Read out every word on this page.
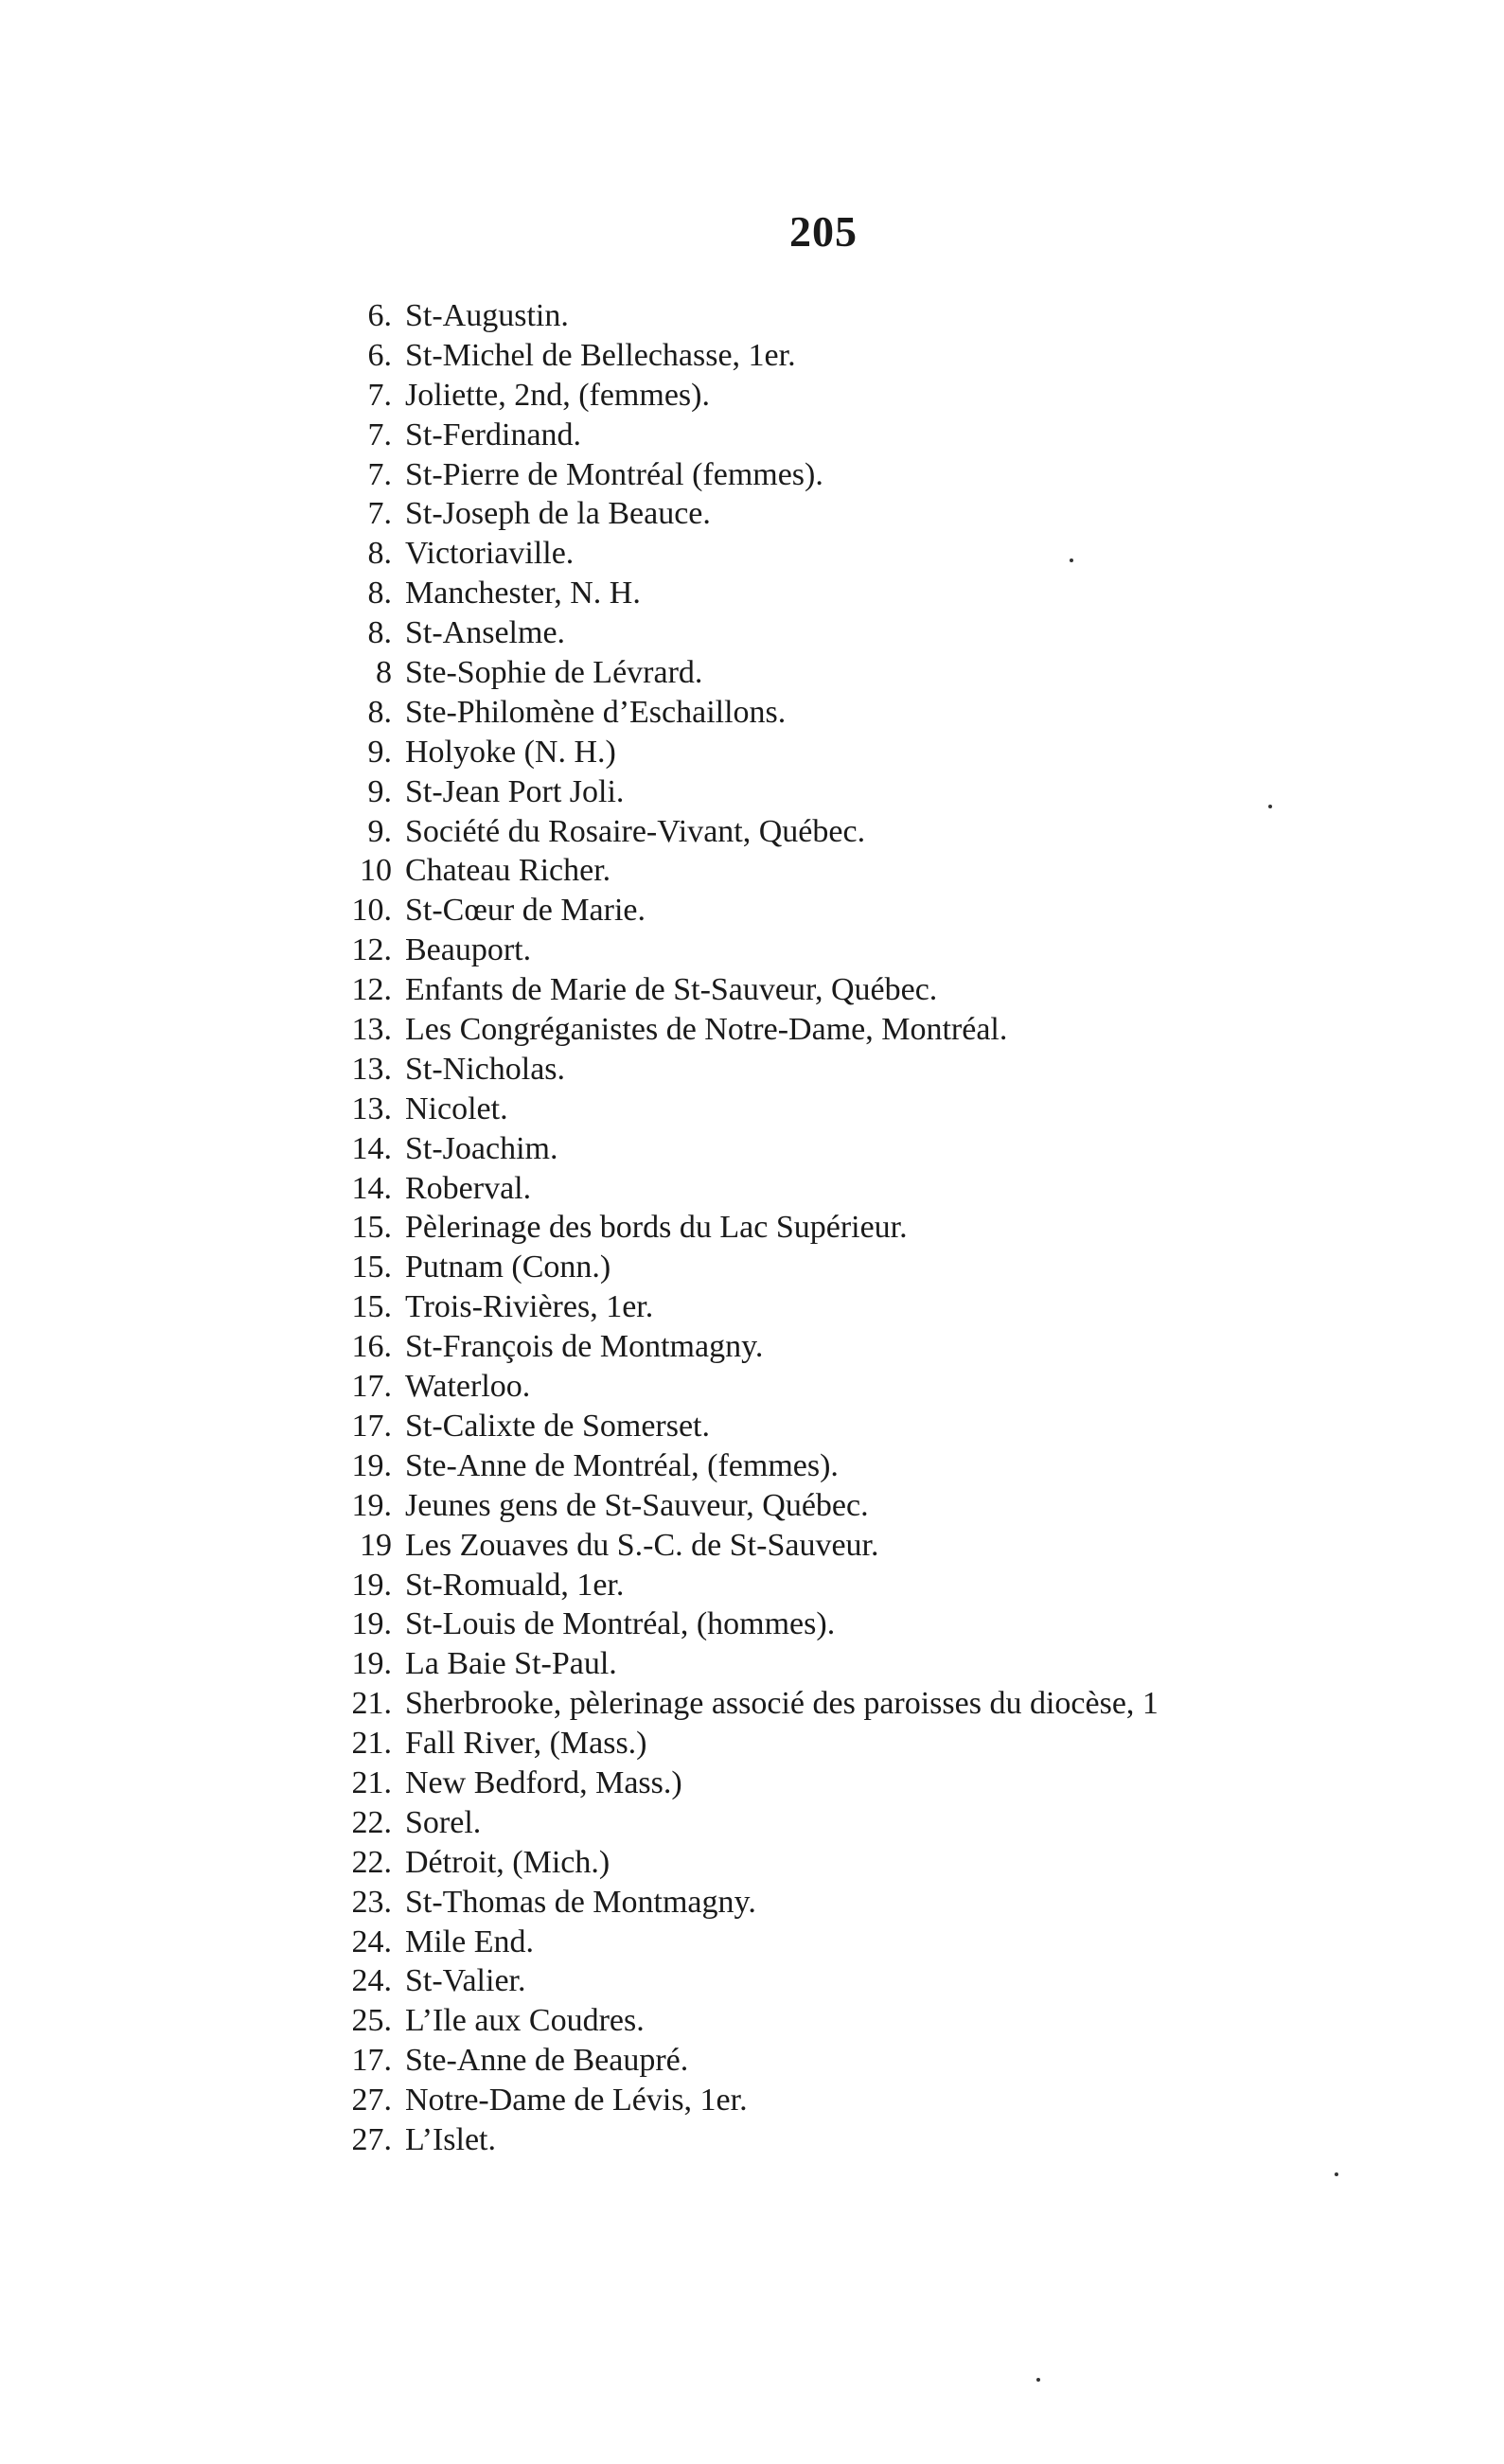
205
6. St-Augustin.
6. St-Michel de Bellechasse, 1er.
7. Joliette, 2nd, (femmes).
7. St-Ferdinand.
7. St-Pierre de Montréal (femmes).
7. St-Joseph de la Beauce.
8. Victoriaville.
8. Manchester, N. H.
8. St-Anselme.
8 Ste-Sophie de Lévrard.
8. Ste-Philomène d’Eschaillons.
9. Holyoke (N. H.)
9. St-Jean Port Joli.
9. Société du Rosaire-Vivant, Québec.
10 Chateau Richer.
10. St-Cœur de Marie.
12. Beauport.
12. Enfants de Marie de St-Sauveur, Québec.
13. Les Congréganistes de Notre-Dame, Montréal.
13. St-Nicholas.
13. Nicolet.
14. St-Joachim.
14. Roberval.
15. Pèlerinage des bords du Lac Supérieur.
15. Putnam (Conn.)
15. Trois-Rivières, 1er.
16. St-François de Montmagny.
17. Waterloo.
17. St-Calixte de Somerset.
19. Ste-Anne de Montréal, (femmes).
19. Jeunes gens de St-Sauveur, Québec.
19 Les Zouaves du S.-C. de St-Sauveur.
19. St-Romuald, 1er.
19. St-Louis de Montréal, (hommes).
19. La Baie St-Paul.
21. Sherbrooke, pèlerinage associé des paroisses du diocèse, 1
21. Fall River, (Mass.)
21. New Bedford, Mass.)
22. Sorel.
22. Détroit, (Mich.)
23. St-Thomas de Montmagny.
24. Mile End.
24. St-Valier.
25. L’Ile aux Coudres.
17. Ste-Anne de Beaupré.
27. Notre-Dame de Lévis, 1er.
27. L’Islet.
